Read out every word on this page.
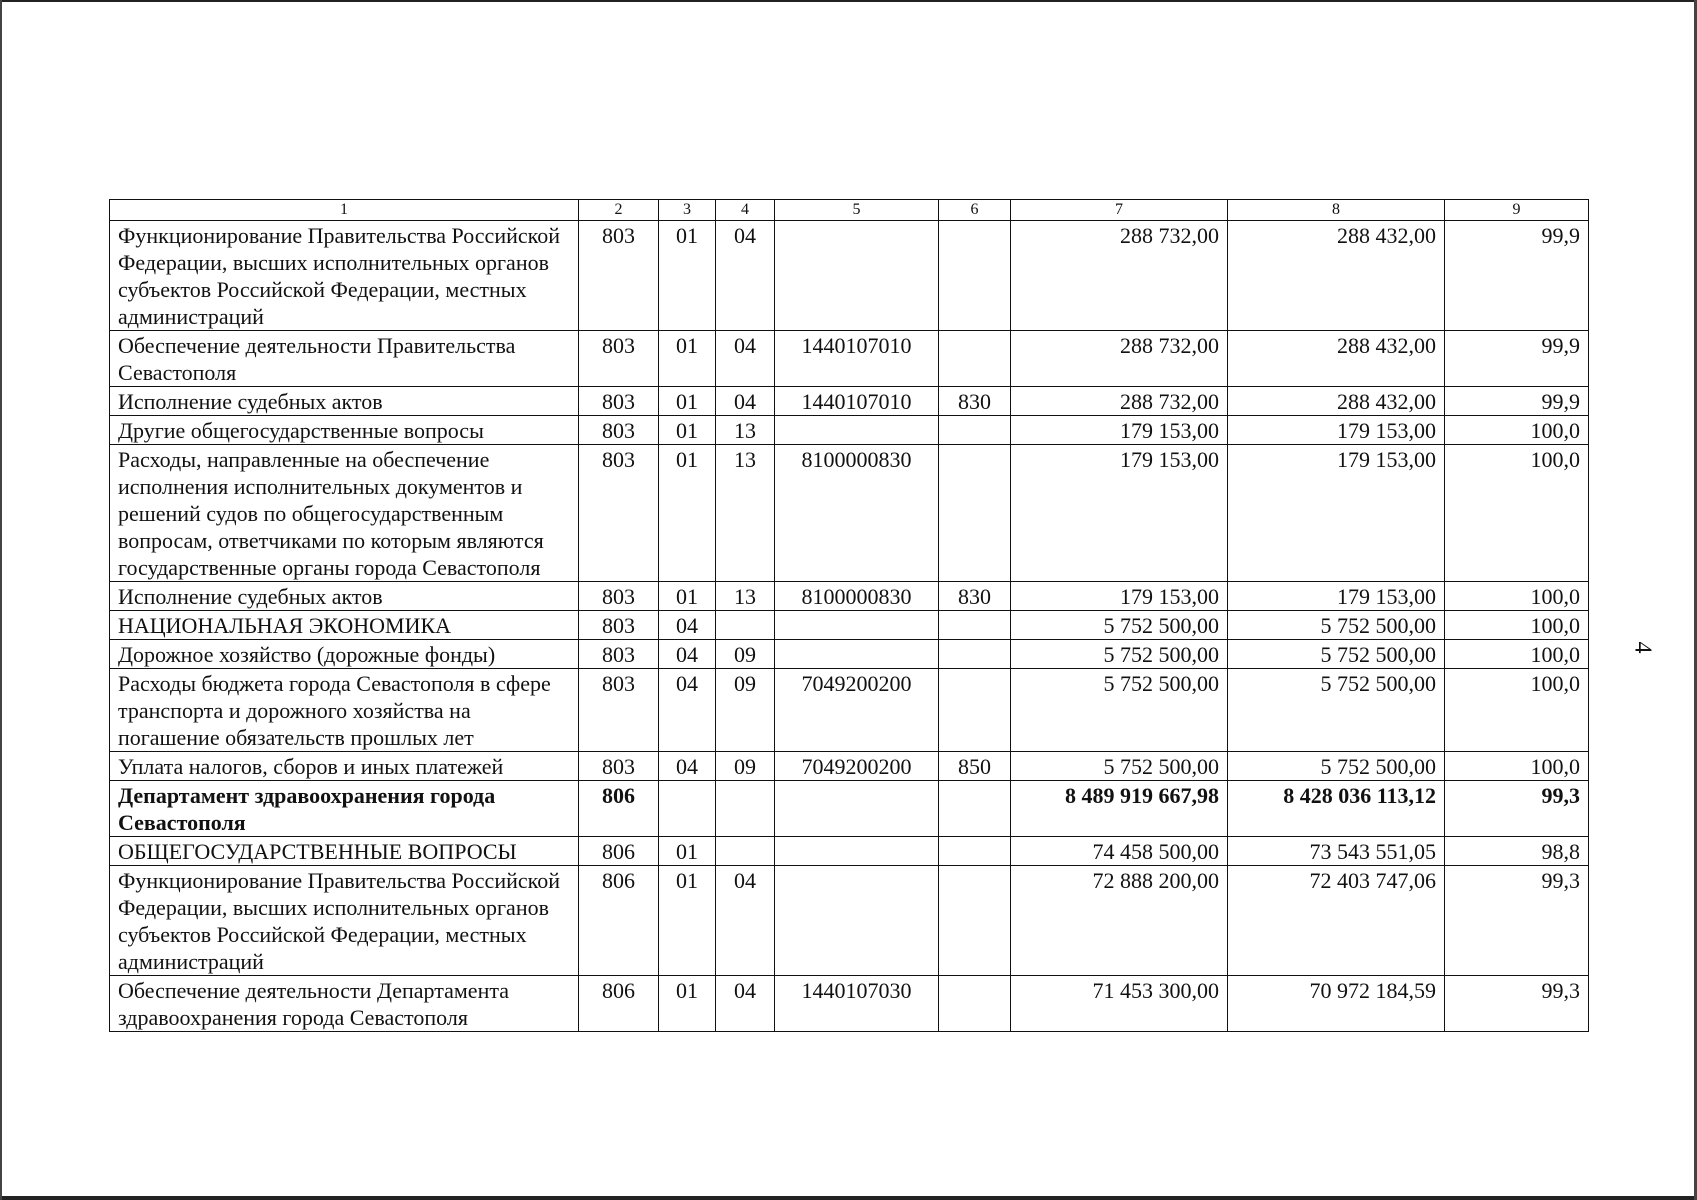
1	2	3	4	5	6	7	8	9
Функционирование Правительства Российской Федерации, высших исполнительных органов субъектов Российской Федерации, местных администраций	803	01	04			288 732,00	288 432,00	99,9
Обеспечение деятельности Правительства Севастополя	803	01	04	1440107010		288 732,00	288 432,00	99,9
Исполнение судебных актов	803	01	04	1440107010	830	288 732,00	288 432,00	99,9
Другие общегосударственные вопросы	803	01	13			179 153,00	179 153,00	100,0
Расходы, направленные на обеспечение исполнения исполнительных документов и решений судов по общегосударственным вопросам, ответчиками по которым являются государственные органы города Севастополя	803	01	13	8100000830		179 153,00	179 153,00	100,0
Исполнение судебных актов	803	01	13	8100000830	830	179 153,00	179 153,00	100,0
НАЦИОНАЛЬНАЯ ЭКОНОМИКА	803	04				5 752 500,00	5 752 500,00	100,0
Дорожное хозяйство (дорожные фонды)	803	04	09			5 752 500,00	5 752 500,00	100,0
Расходы бюджета города Севастополя в сфере транспорта и дорожного хозяйства на погашение обязательств прошлых лет	803	04	09	7049200200		5 752 500,00	5 752 500,00	100,0
Уплата налогов, сборов и иных платежей	803	04	09	7049200200	850	5 752 500,00	5 752 500,00	100,0
Департамент здравоохранения города Севастополя	806					8 489 919 667,98	8 428 036 113,12	99,3
ОБЩЕГОСУДАРСТВЕННЫЕ ВОПРОСЫ	806	01				74 458 500,00	73 543 551,05	98,8
Функционирование Правительства Российской Федерации, высших исполнительных органов субъектов Российской Федерации, местных администраций	806	01	04			72 888 200,00	72 403 747,06	99,3
Обеспечение деятельности Департамента здравоохранения города Севастополя	806	01	04	1440107030		71 453 300,00	70 972 184,59	99,3
4
